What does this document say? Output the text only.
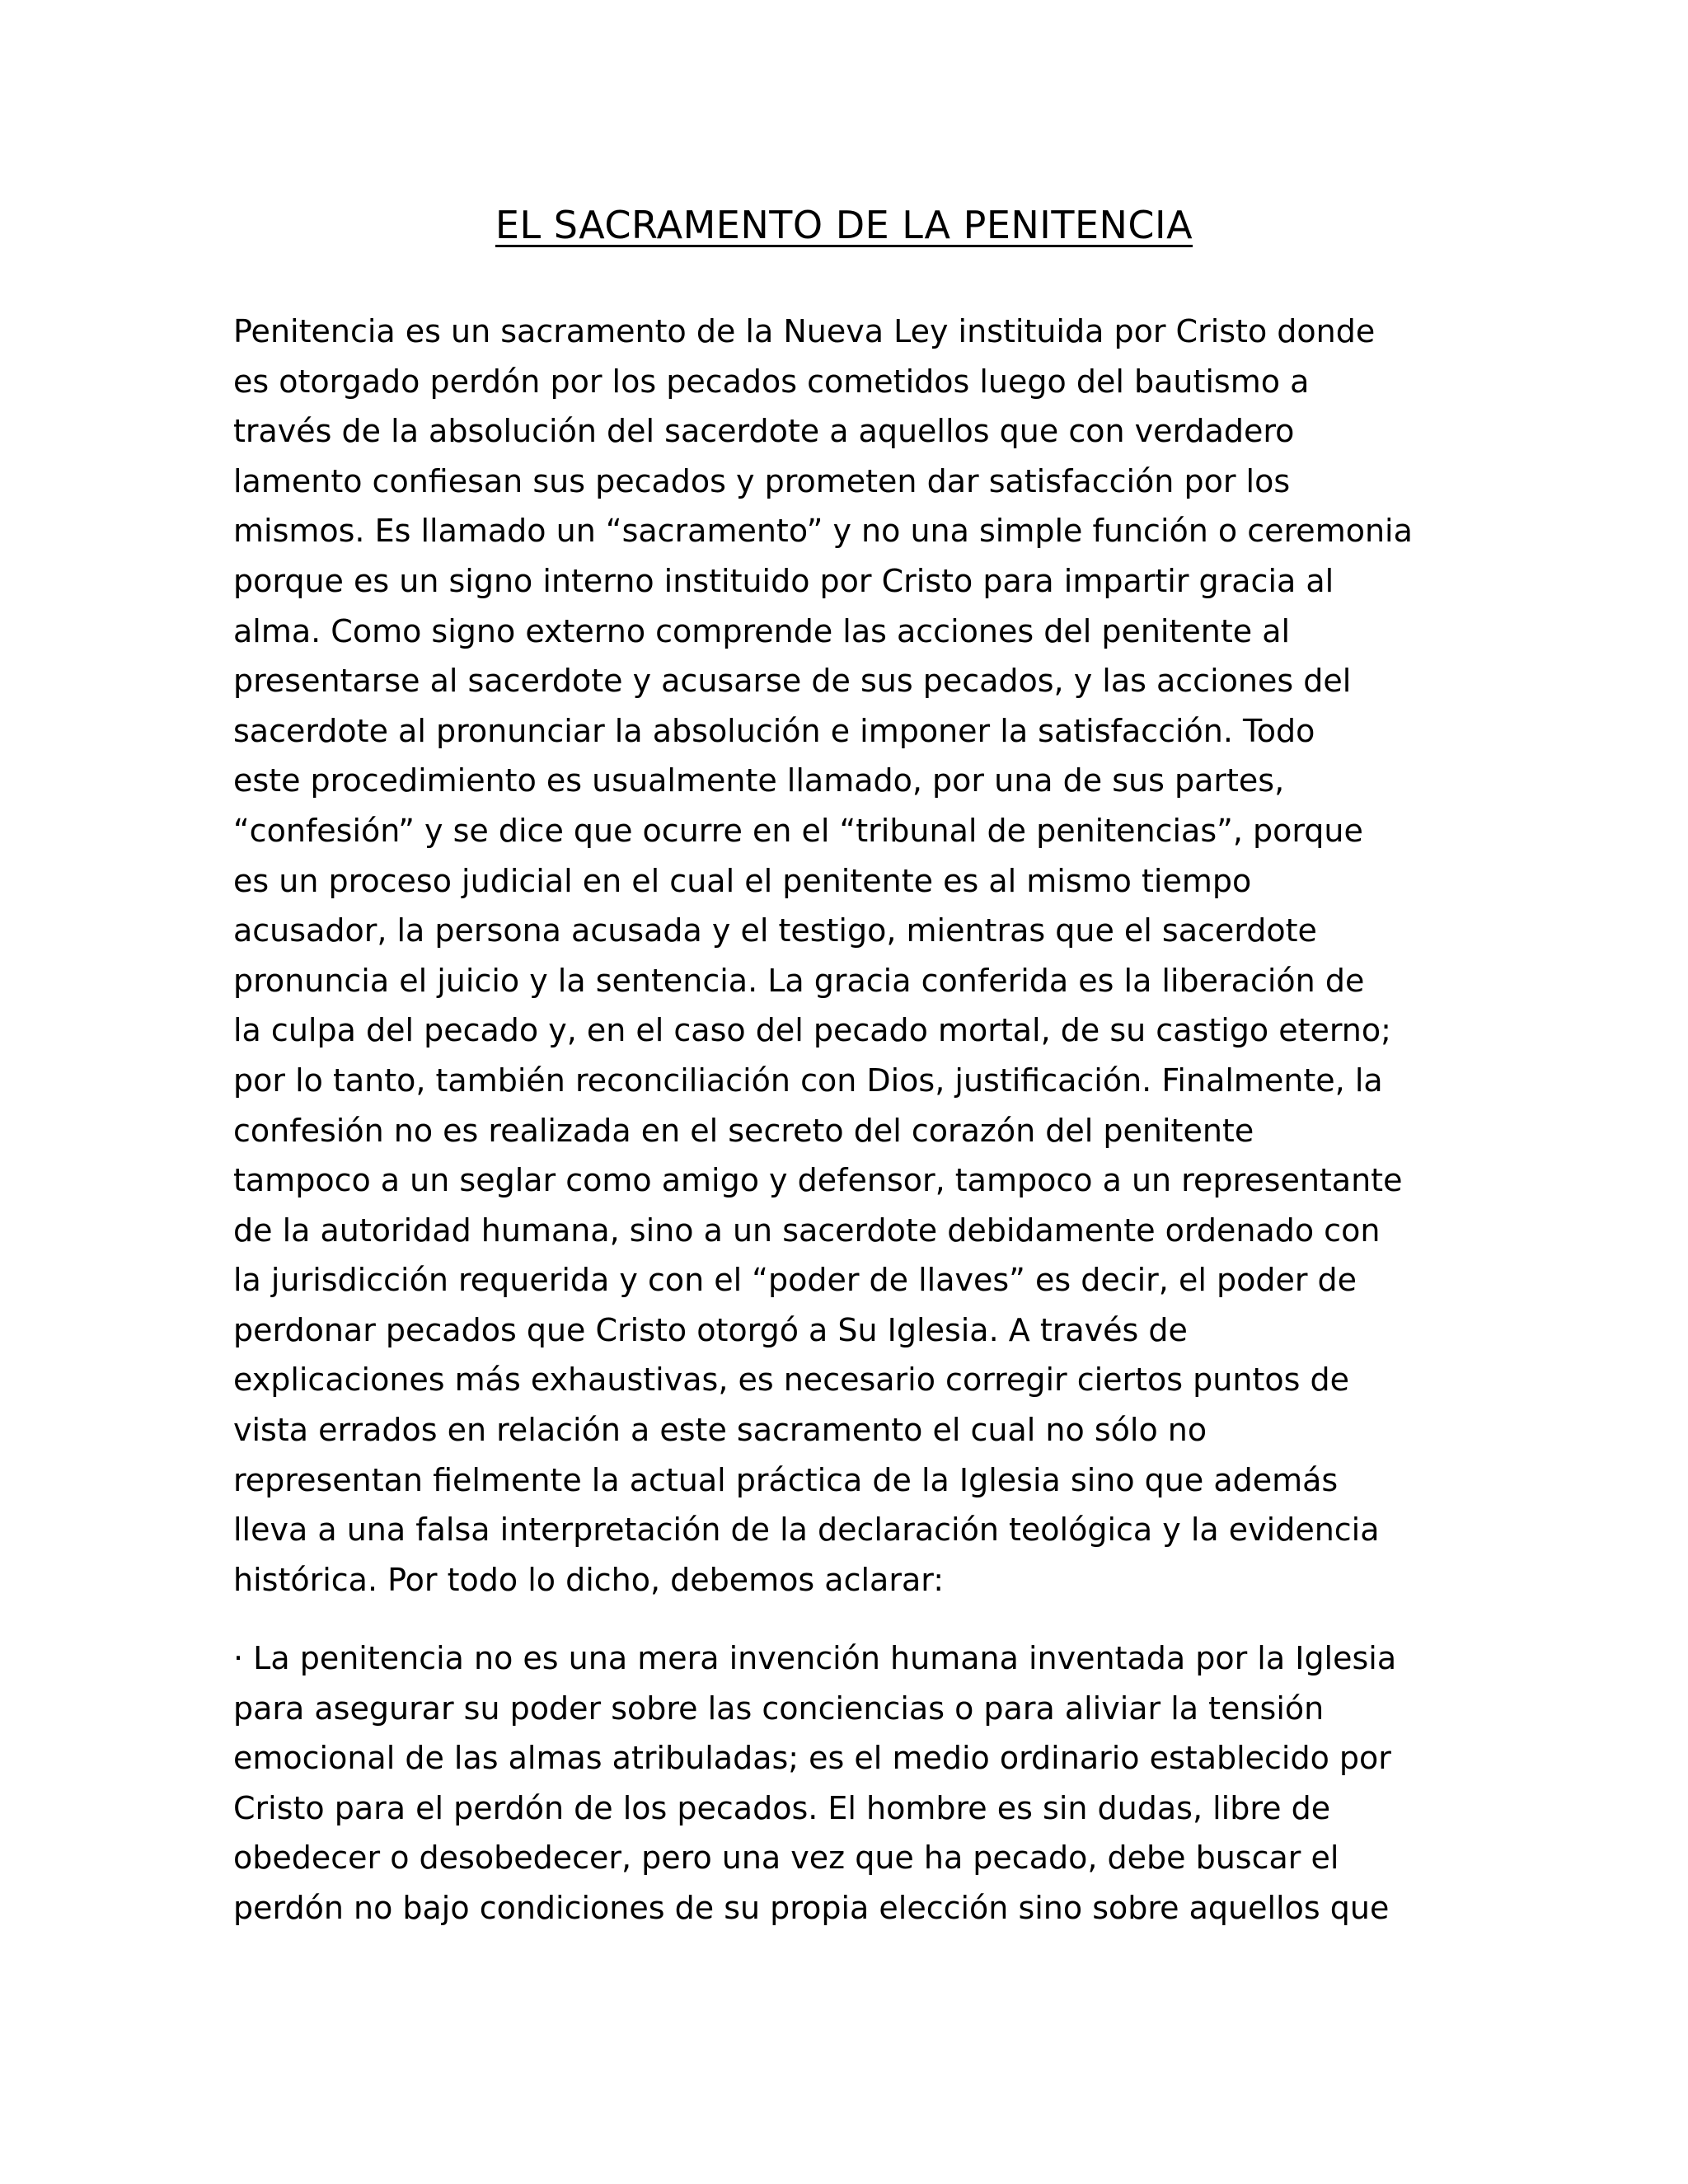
EL SACRAMENTO DE LA PENITENCIA
Penitencia es un sacramento de la Nueva Ley instituida por Cristo donde
es otorgado perdón por los pecados cometidos luego del bautismo a
través de la absolución del sacerdote a aquellos que con verdadero
lamento confiesan sus pecados y prometen dar satisfacción por los
mismos. Es llamado un “sacramento” y no una simple función o ceremonia
porque es un signo interno instituido por Cristo para impartir gracia al
alma. Como signo externo comprende las acciones del penitente al
presentarse al sacerdote y acusarse de sus pecados, y las acciones del
sacerdote al pronunciar la absolución e imponer la satisfacción. Todo
este procedimiento es usualmente llamado, por una de sus partes,
“confesión” y se dice que ocurre en el “tribunal de penitencias”, porque
es un proceso judicial en el cual el penitente es al mismo tiempo
acusador, la persona acusada y el testigo, mientras que el sacerdote
pronuncia el juicio y la sentencia. La gracia conferida es la liberación de
la culpa del pecado y, en el caso del pecado mortal, de su castigo eterno;
por lo tanto, también reconciliación con Dios, justificación. Finalmente, la
confesión no es realizada en el secreto del corazón del penitente
tampoco a un seglar como amigo y defensor, tampoco a un representante
de la autoridad humana, sino a un sacerdote debidamente ordenado con
la jurisdicción requerida y con el “poder de llaves” es decir, el poder de
perdonar pecados que Cristo otorgó a Su Iglesia. A través de
explicaciones más exhaustivas, es necesario corregir ciertos puntos de
vista errados en relación a este sacramento el cual no sólo no
representan fielmente la actual práctica de la Iglesia sino que además
lleva a una falsa interpretación de la declaración teológica y la evidencia
histórica. Por todo lo dicho, debemos aclarar:
· La penitencia no es una mera invención humana inventada por la Iglesia
para asegurar su poder sobre las conciencias o para aliviar la tensión
emocional de las almas atribuladas; es el medio ordinario establecido por
Cristo para el perdón de los pecados. El hombre es sin dudas, libre de
obedecer o desobedecer, pero una vez que ha pecado, debe buscar el
perdón no bajo condiciones de su propia elección sino sobre aquellos que
